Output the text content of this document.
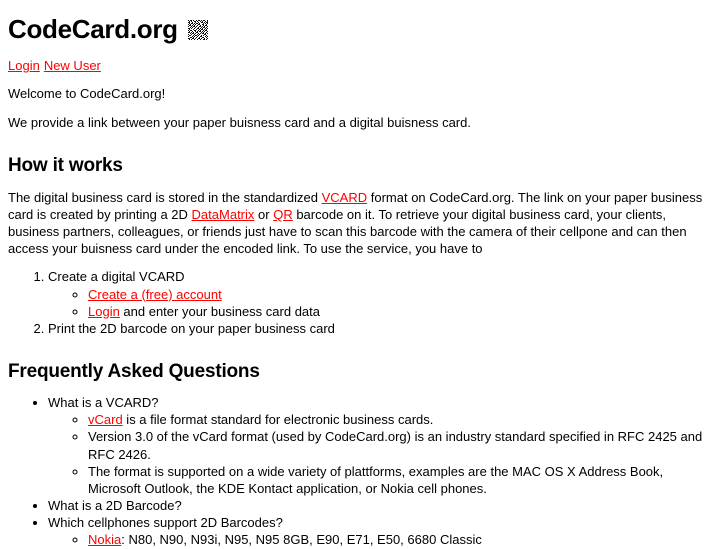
CodeCard.org

Login New User

Welcome to CodeCard.org!

We provide a link between your paper buisness card and a digital buisness card.

How it works

The digital business card is stored in the standardized VCARD format on CodeCard.org. The link on your paper business card is created by printing a 2D DataMatrix or QR barcode on it. To retrieve your digital business card, your clients, business partners, colleagues, or friends just have to scan this barcode with the camera of their cellpone and can then access your buisness card under the encoded link. To use the service, you have to

1. Create a digital VCARD
◦ Create a (free) account
◦ Login and enter your business card data
2. Print the 2D barcode on your paper business card
Frequently Asked Questions
• What is a VCARD?
◦ vCard is a file format standard for electronic business cards.
◦ Version 3.0 of the vCard format (used by CodeCard.org) is an industry standard specified in RFC 2425 and RFC 2426.
◦ The format is supported on a wide variety of plattforms, examples are the MAC OS X Address Book, Microsoft Outlook, the KDE Kontact application, or Nokia cell phones.
• What is a 2D Barcode?
• Which cellphones support 2D Barcodes?
◦ Nokia: N80, N90, N93i, N95, N95 8GB, E90, E71, E50, 6680 Classic
